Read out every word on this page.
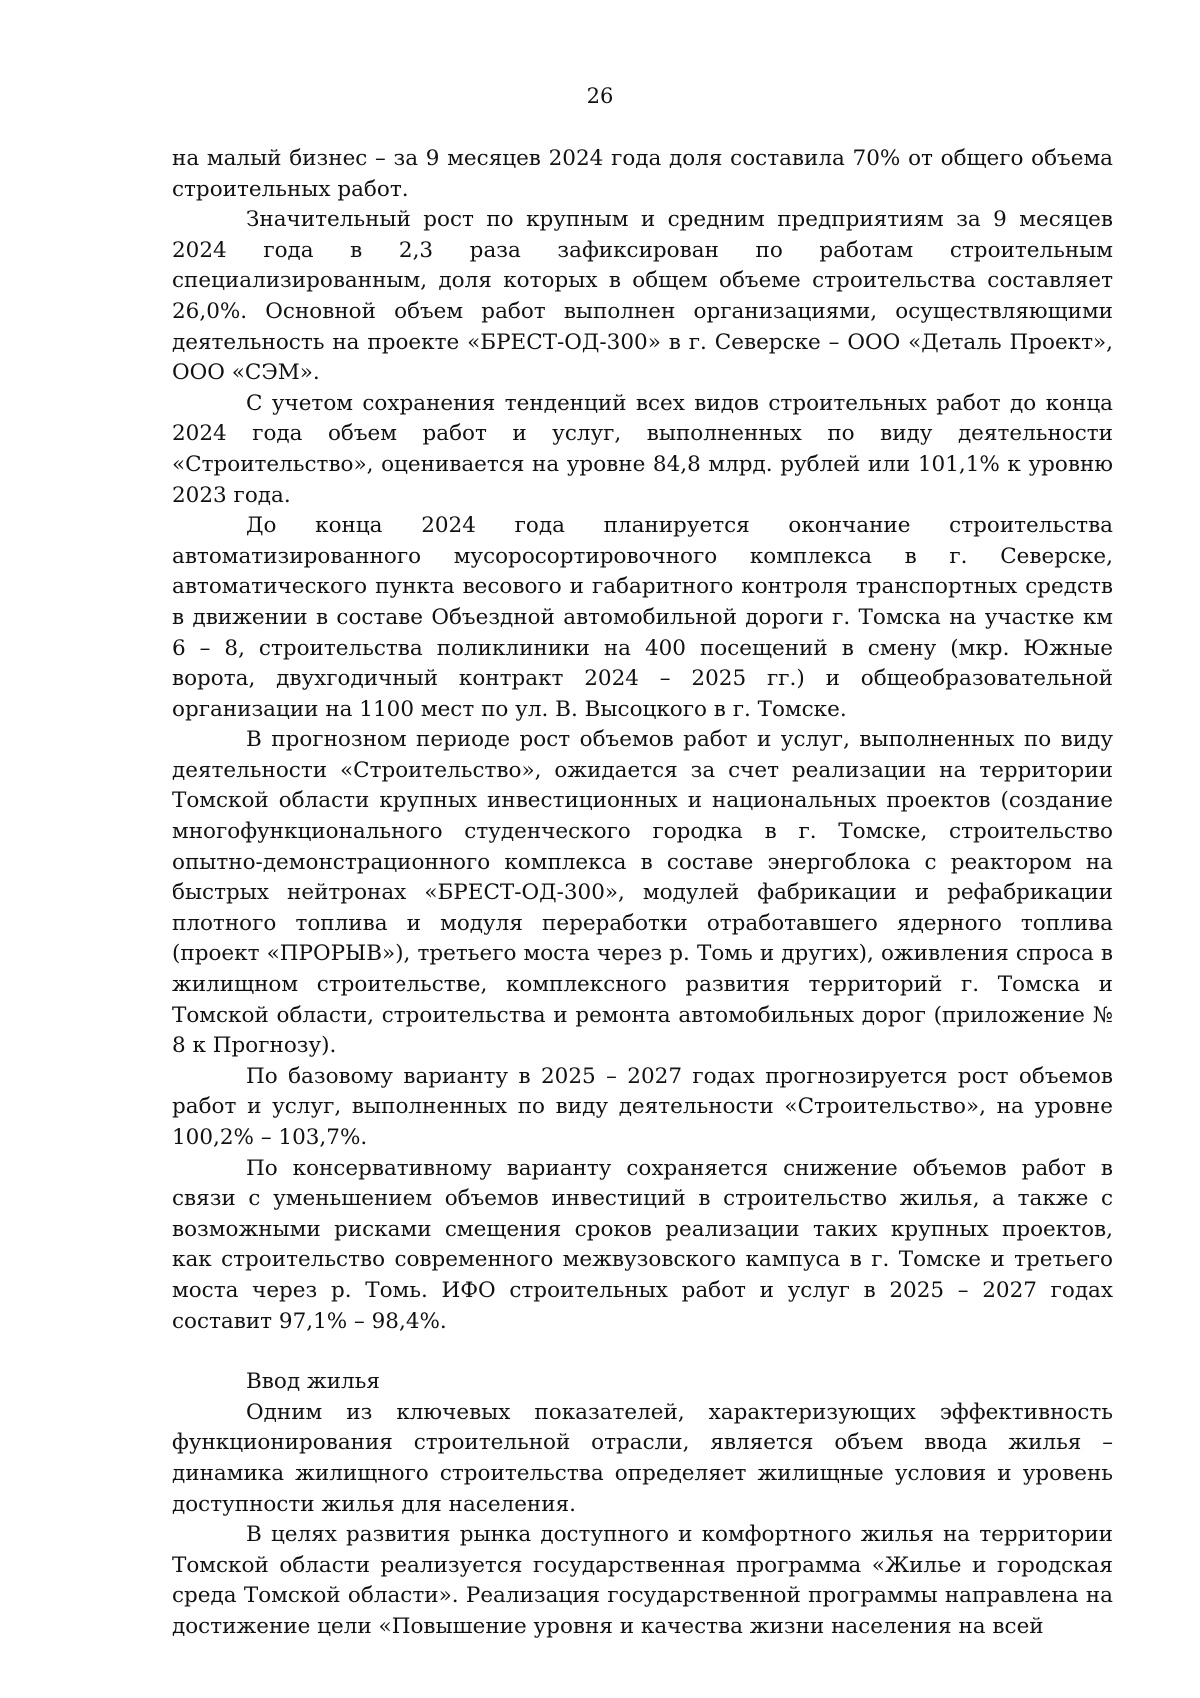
26

на малый бизнес – за 9 месяцев 2024 года доля составила 70% от общего объема строительных работ.

Значительный рост по крупным и средним предприятиям за 9 месяцев 2024 года в 2,3 раза зафиксирован по работам строительным специализированным, доля которых в общем объеме строительства составляет 26,0%. Основной объем работ выполнен организациями, осуществляющими деятельность на проекте «БРЕСТ-ОД-300» в г. Северске – ООО «Деталь Проект», ООО «СЭМ».

С учетом сохранения тенденций всех видов строительных работ до конца 2024 года объем работ и услуг, выполненных по виду деятельности «Строительство», оценивается на уровне 84,8 млрд. рублей или 101,1% к уровню 2023 года.

До конца 2024 года планируется окончание строительства автоматизированного мусоросортировочного комплекса в г. Северске, автоматического пункта весового и габаритного контроля транспортных средств в движении в составе Объездной автомобильной дороги г. Томска на участке км 6 – 8, строительства поликлиники на 400 посещений в смену (мкр. Южные ворота, двухгодичный контракт 2024 – 2025 гг.) и общеобразовательной организации на 1100 мест по ул. В. Высоцкого в г. Томске.

В прогнозном периоде рост объемов работ и услуг, выполненных по виду деятельности «Строительство», ожидается за счет реализации на территории Томской области крупных инвестиционных и национальных проектов (создание многофункционального студенческого городка в г. Томске, строительство опытно-демонстрационного комплекса в составе энергоблока с реактором на быстрых нейтронах «БРЕСТ-ОД-300», модулей фабрикации и рефабрикации плотного топлива и модуля переработки отработавшего ядерного топлива (проект «ПРОРЫВ»), третьего моста через р. Томь и других), оживления спроса в жилищном строительстве, комплексного развития территорий г. Томска и Томской области, строительства и ремонта автомобильных дорог (приложение № 8 к Прогнозу).

По базовому варианту в 2025 – 2027 годах прогнозируется рост объемов работ и услуг, выполненных по виду деятельности «Строительство», на уровне 100,2% – 103,7%.

По консервативному варианту сохраняется снижение объемов работ в связи с уменьшением объемов инвестиций в строительство жилья, а также с возможными рисками смещения сроков реализации таких крупных проектов, как строительство современного межвузовского кампуса в г. Томске и третьего моста через р. Томь. ИФО строительных работ и услуг в 2025 – 2027 годах составит 97,1% – 98,4%.

Ввод жилья

Одним из ключевых показателей, характеризующих эффективность функционирования строительной отрасли, является объем ввода жилья – динамика жилищного строительства определяет жилищные условия и уровень доступности жилья для населения.

В целях развития рынка доступного и комфортного жилья на территории Томской области реализуется государственная программа «Жилье и городская среда Томской области». Реализация государственной программы направлена на достижение цели «Повышение уровня и качества жизни населения на всей
